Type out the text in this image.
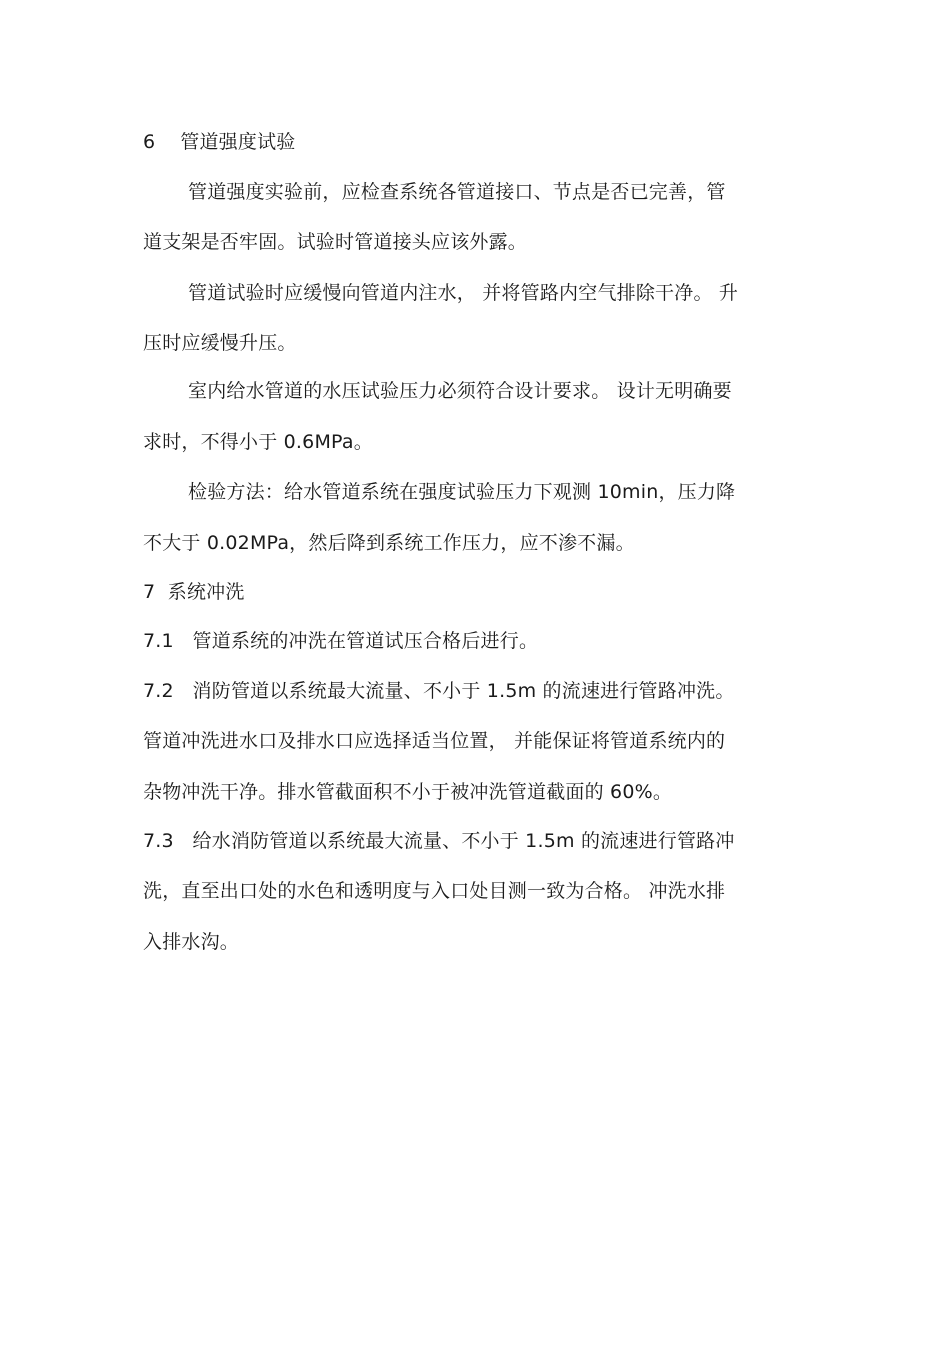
6 管道强度试验
管道强度实验前，应检查系统各管道接口、节点是否已完善，管
道支架是否牢固。试验时管道接头应该外露。
管道试验时应缓慢向管道内注水， 并将管路内空气排除干净。 升
压时应缓慢升压。
室内给水管道的水压试验压力必须符合设计要求。 设计无明确要
求时，不得小于 0.6MPa。
检验方法：给水管道系统在强度试验压力下观测 10min，压力降
不大于 0.02MPa，然后降到系统工作压力，应不渗不漏。
7 系统冲洗
7.1 管道系统的冲洗在管道试压合格后进行。
7.2 消防管道以系统最大流量、不小于 1.5m 的流速进行管路冲洗。
管道冲洗进水口及排水口应选择适当位置， 并能保证将管道系统内的
杂物冲洗干净。排水管截面积不小于被冲洗管道截面的 60%。
7.3 给水消防管道以系统最大流量、不小于 1.5m 的流速进行管路冲
洗，直至出口处的水色和透明度与入口处目测一致为合格。 冲洗水排
入排水沟。
